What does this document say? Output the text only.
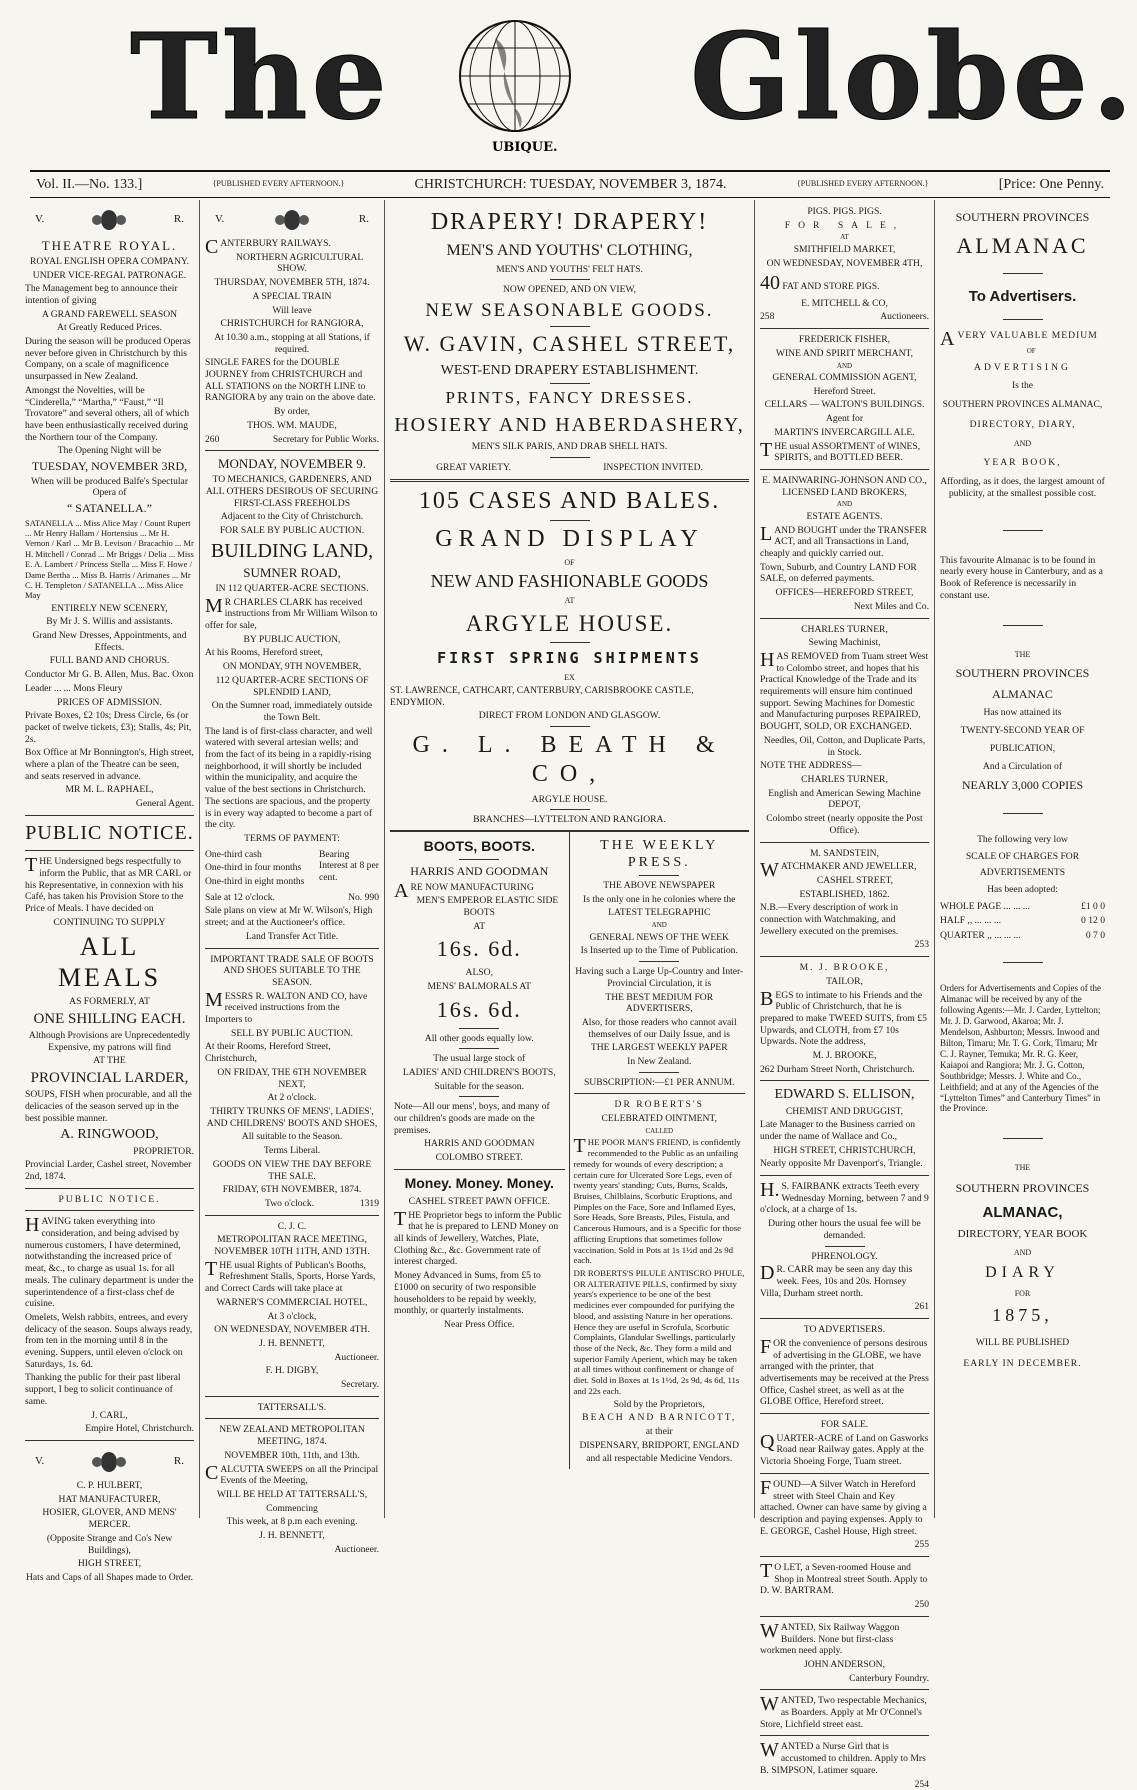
The
UBIQUE.
Globe.
Vol. II.—No. 133.]	{PUBLISHED EVERY AFTERNOON.}	CHRISTCHURCH: TUESDAY, NOVEMBER 3, 1874.	{PUBLISHED EVERY AFTERNOON.}	[Price: One Penny.
V.	R.

THEATRE ROYAL.

ROYAL ENGLISH OPERA COMPANY.

UNDER VICE-REGAL PATRONAGE.

The Management beg to announce their intention of giving

A GRAND FAREWELL SEASON

At Greatly Reduced Prices.

During the season will be produced Operas never before given in Christchurch by this Company, on a scale of magnificence unsurpassed in New Zealand.

Amongst the Novelties, will be “Cinderella,” “Martha,” “Faust,” “Il Trovatore” and several others, all of which have been enthusiastically received during the Northern tour of the Company.

The Opening Night will be

TUESDAY, NOVEMBER 3RD,

When will be produced Balfe's Spectular Opera of

“ SATANELLA.”

SATANELLA ... Miss Alice May / Count Rupert ... Mr Henry Hallam / Hortensius ... Mr H. Vernon / Karl ... Mr B. Levison / Bracachio ... Mr H. Mitchell / Conrad ... Mr Briggs / Delia ... Miss E. A. Lambert / Princess Stella ... Miss F. Howe / Dame Bertha ... Miss B. Harris / Arimanes ... Mr C. H. Templeton / SATANELLA ... Miss Alice May

ENTIRELY NEW SCENERY,

By Mr J. S. Willis and assistants.

Grand New Dresses, Appointments, and Effects.

FULL BAND AND CHORUS.

Conductor Mr G. B. Allen, Mus. Bac. Oxon

Leader ... ... Mons Fleury

PRICES OF ADMISSION.

Private Boxes, £2 10s; Dress Circle, 6s (or packet of twelve tickets, £3); Stalls, 4s; Pit, 2s.

Box Office at Mr Bonnington's, High street, where a plan of the Theatre can be seen, and seats reserved in advance.

MR M. L. RAPHAEL,

General Agent.

PUBLIC NOTICE.

THE Undersigned begs respectfully to inform the Public, that as MR CARL or his Representative, in connexion with his Café, has taken his Provision Store to the Price of Meals. I have decided on

CONTINUING TO SUPPLY

ALL MEALS

AS FORMERLY, AT

ONE SHILLING EACH.

Although Provisions are Unprecedentedly Expensive, my patrons will find

AT THE

PROVINCIAL LARDER,

SOUPS, FISH when procurable, and all the delicacies of the season served up in the best possible manner.

A. RINGWOOD,

PROPRIETOR.

Provincial Larder, Cashel street, November 2nd, 1874.

PUBLIC NOTICE.

HAVING taken everything into consideration, and being advised by numerous customers, I have determined, notwithstanding the increased price of meat, &c., to charge as usual 1s. for all meals. The culinary department is under the superintendence of a first-class chef de cuisine.

Omelets, Welsh rabbits, entrees, and every delicacy of the season. Soups always ready, from ten in the morning until 8 in the evening. Suppers, until eleven o'clock on Saturdays, 1s. 6d.

Thanking the public for their past liberal support, I beg to solicit continuance of same.

J. CARL,

Empire Hotel, Christchurch.

V.	R.

C. P. HULBERT,

HAT MANUFACTURER,

HOSIER, GLOVER, AND MENS' MERCER.

(Opposite Strange and Co's New Buildings),

HIGH STREET,

Hats and Caps of all Shapes made to Order.

V.	R.

CANTERBURY RAILWAYS.

NORTHERN AGRICULTURAL SHOW.

THURSDAY, NOVEMBER 5TH, 1874.

A SPECIAL TRAIN

Will leave

CHRISTCHURCH for RANGIORA,

At 10.30 a.m., stopping at all Stations, if required.

SINGLE FARES for the DOUBLE JOURNEY from CHRISTCHURCH and ALL STATIONS on the NORTH LINE to RANGIORA by any train on the above date.

By order,

THOS. WM. MAUDE,

260	Secretary for Public Works.

MONDAY, NOVEMBER 9.

TO MECHANICS, GARDENERS, AND ALL OTHERS DESIROUS OF SECURING FIRST-CLASS FREEHOLDS

Adjacent to the City of Christchurch.

FOR SALE BY PUBLIC AUCTION.

BUILDING LAND,

SUMNER ROAD,

IN 112 QUARTER-ACRE SECTIONS.

MR CHARLES CLARK has received instructions from Mr William Wilson to offer for sale,

BY PUBLIC AUCTION,

At his Rooms, Hereford street,

ON MONDAY, 9TH NOVEMBER,

112 QUARTER-ACRE SECTIONS OF SPLENDID LAND,

On the Sumner road, immediately outside the Town Belt.

The land is of first-class character, and well watered with several artesian wells; and from the fact of its being in a rapidly-rising neighborhood, it will shortly be included within the municipality, and acquire the value of the best sections in Christchurch. The sections are spacious, and the property is in every way adapted to become a part of the city.

TERMS OF PAYMENT:

One-third cash

One-third in four months

One-third in eight months

Bearing Interest at 8 per cent.

Sale at 12 o'clock.	No. 990

Sale plans on view at Mr W. Wilson's, High street; and at the Auctioneer's office.

Land Transfer Act Title.

IMPORTANT TRADE SALE OF BOOTS AND SHOES SUITABLE TO THE SEASON.

MESSRS R. WALTON AND CO, have received instructions from the Importers to

SELL BY PUBLIC AUCTION.

At their Rooms, Hereford Street, Christchurch,

ON FRIDAY, THE 6TH NOVEMBER NEXT,

At 2 o'clock.

THIRTY TRUNKS OF MENS', LADIES', AND CHILDRENS' BOOTS AND SHOES,

All suitable to the Season.

Terms Liberal.

GOODS ON VIEW THE DAY BEFORE THE SALE.

FRIDAY, 6TH NOVEMBER, 1874.

Two o'clock.	1319

C. J. C.

METROPOLITAN RACE MEETING, NOVEMBER 10TH 11TH, AND 13TH.

THE usual Rights of Publican's Booths, Refreshment Stalls, Sports, Horse Yards, and Correct Cards will take place at

WARNER'S COMMERCIAL HOTEL,

At 3 o'clock,

ON WEDNESDAY, NOVEMBER 4TH.

J. H. BENNETT,

Auctioneer.

F. H. DIGBY,

Secretary.

TATTERSALL'S.

NEW ZEALAND METROPOLITAN MEETING, 1874.

NOVEMBER 10th, 11th, and 13th.

CALCUTTA SWEEPS on all the Principal Events of the Meeting,

WILL BE HELD AT TATTERSALL'S,

Commencing

This week, at 8 p.m each evening.

J. H. BENNETT,

Auctioneer.

DRAPERY! DRAPERY!

MEN'S AND YOUTHS' CLOTHING,

MEN'S AND YOUTHS' FELT HATS.

NOW OPENED, AND ON VIEW,

NEW SEASONABLE GOODS.

W. GAVIN, CASHEL STREET,

WEST-END DRAPERY ESTABLISHMENT.

PRINTS, FANCY DRESSES.

HOSIERY AND HABERDASHERY,

MEN'S SILK PARIS, AND DRAB SHELL HATS.

GREAT VARIETY.	INSPECTION INVITED.

105 CASES AND BALES.

GRAND DISPLAY

OF

NEW AND FASHIONABLE GOODS

AT

ARGYLE HOUSE.

FIRST SPRING SHIPMENTS

EX

ST. LAWRENCE, CATHCART, CANTERBURY, CARISBROOKE CASTLE, ENDYMION.

DIRECT FROM LONDON AND GLASGOW.

G. L. BEATH & CO,

ARGYLE HOUSE.

BRANCHES—LYTTELTON AND RANGIORA.

BOOTS, BOOTS.

HARRIS AND GOODMAN

ARE NOW MANUFACTURING

MEN'S EMPEROR ELASTIC SIDE BOOTS

AT

16s. 6d.

ALSO,

MENS' BALMORALS AT

16s. 6d.

All other goods equally low.

The usual large stock of

LADIES' AND CHILDREN'S BOOTS,

Suitable for the season.

Note—All our mens', boys, and many of our children's goods are made on the premises.

HARRIS AND GOODMAN

COLOMBO STREET.

Money. Money. Money.

CASHEL STREET PAWN OFFICE.

THE Proprietor begs to inform the Public that he is prepared to LEND Money on all kinds of Jewellery, Watches, Plate, Clothing &c., &c. Government rate of interest charged.

Money Advanced in Sums, from £5 to £1000 on security of two responsible householders to be repaid by weekly, monthly, or quarterly instalments.

Near Press Office.

THE WEEKLY PRESS.

THE ABOVE NEWSPAPER

Is the only one in he colonies where the

LATEST TELEGRAPHIC

AND

GENERAL NEWS OF THE WEEK

Is Inserted up to the Time of Publication.

Having such a Large Up-Country and Inter-Provincial Circulation, it is

THE BEST MEDIUM FOR ADVERTISERS,

Also, for those readers who cannot avail themselves of our Daily Issue, and is

THE LARGEST WEEKLY PAPER

In New Zealand.

SUBSCRIPTION:—£1 PER ANNUM.

DR ROBERTS'S

CELEBRATED OINTMENT,

CALLED

THE POOR MAN'S FRIEND, is confidently recommended to the Public as an unfailing remedy for wounds of every description; a certain cure for Ulcerated Sore Legs, even of twenty years' standing; Cuts, Burns, Scalds, Bruises, Chilblains, Scorbutic Eruptions, and Pimples on the Face, Sore and Inflamed Eyes, Sore Heads, Sore Breasts, Piles, Fistula, and Cancerous Humours, and is a Specific for those afflicting Eruptions that sometimes follow vaccination. Sold in Pots at 1s 1½d and 2s 9d each.

DR ROBERTS'S PILULE ANTISCRO PHULE, OR ALTERATIVE PILLS, confirmed by sixty years's experience to be one of the best medicines ever compounded for purifying the blood, and assisting Nature in her operations. Hence they are useful in Scrofula, Scorbutic Complaints, Glandular Swellings, particularly those of the Neck, &c. They form a mild and superior Family Aperient, which may be taken at all times without confinement or change of diet. Sold in Boxes at 1s 1½d, 2s 9d, 4s 6d, 11s and 22s each.

Sold by the Proprietors,

BEACH AND BARNICOTT,

at their

DISPENSARY, BRIDPORT, ENGLAND

and all respectable Medicine Vendors.

PIGS. PIGS. PIGS.

FOR SALE,

AT

SMITHFIELD MARKET,

ON WEDNESDAY, NOVEMBER 4TH,

40 FAT AND STORE PIGS.

E. MITCHELL & CO,

258	Auctioneers.

FREDERICK FISHER,

WINE AND SPIRIT MERCHANT,

AND

GENERAL COMMISSION AGENT,

Hereford Street.

CELLARS — WALTON'S BUILDINGS.

Agent for

MARTIN'S INVERCARGILL ALE.

THE usual ASSORTMENT of WINES, SPIRITS, and BOTTLED BEER.

E. MAINWARING-JOHNSON AND CO., LICENSED LAND BROKERS,

AND

ESTATE AGENTS.

LAND BOUGHT under the TRANSFER ACT, and all Transactions in Land, cheaply and quickly carried out.

Town, Suburb, and Country LAND FOR SALE, on deferred payments.

OFFICES—HEREFORD STREET,

Next Miles and Co.

CHARLES TURNER,

Sewing Machinist,

HAS REMOVED from Tuam street West to Colombo street, and hopes that his Practical Knowledge of the Trade and its requirements will ensure him continued support. Sewing Machines for Domestic and Manufacturing purposes REPAIRED, BOUGHT, SOLD, OR EXCHANGED.

Needles, Oil, Cotton, and Duplicate Parts, in Stock.

NOTE THE ADDRESS—

CHARLES TURNER,

English and American Sewing Machine DEPOT,

Colombo street (nearly opposite the Post Office).

M. SANDSTEIN,

WATCHMAKER AND JEWELLER,

CASHEL STREET,

ESTABLISHED, 1862.

N.B.—Every description of work in connection with Watchmaking, and Jewellery executed on the premises.

253

M. J. BROOKE,

TAILOR,

BEGS to intimate to his Friends and the Public of Christchurch, that he is prepared to make TWEED SUITS, from £5 Upwards, and CLOTH, from £7 10s Upwards. Note the address,

M. J. BROOKE,

262 Durham Street North, Christchurch.

EDWARD S. ELLISON,

CHEMIST AND DRUGGIST,

Late Manager to the Business carried on under the name of Wallace and Co.,

HIGH STREET, CHRISTCHURCH,

Nearly opposite Mr Davenport's, Triangle.

H.S. FAIRBANK extracts Teeth every Wednesday Morning, between 7 and 9 o'clock, at a charge of 1s.

During other hours the usual fee will be demanded.

PHRENOLOGY.

DR. CARR may be seen any day this week. Fees, 10s and 20s. Hornsey Villa, Durham street north.

261

TO ADVERTISERS.

FOR the convenience of persons desirous of advertising in the GLOBE, we have arranged with the printer, that advertisements may be received at the Press Office, Cashel street, as well as at the GLOBE Office, Hereford street.

FOR SALE.

QUARTER-ACRE of Land on Gasworks Road near Railway gates. Apply at the Victoria Shoeing Forge, Tuam street.

FOUND—A Silver Watch in Hereford street with Steel Chain and Key attached. Owner can have same by giving a description and paying expenses. Apply to E. GEORGE, Cashel House, High street.

255

TO LET, a Seven-roomed House and Shop in Montreal street South. Apply to D. W. BARTRAM.

250

WANTED, Six Railway Waggon Builders. None but first-class workmen need apply.

JOHN ANDERSON,

Canterbury Foundry.

WANTED, Two respectable Mechanics, as Boarders. Apply at Mr O'Connel's Store, Lichfield street east.

WANTED a Nurse Girl that is accustomed to children. Apply to Mrs B. SIMPSON, Latimer square.

254

SOUTHERN PROVINCES

ALMANAC

To Advertisers.

AVERY VALUABLE MEDIUM

OF

ADVERTISING

Is the

SOUTHERN PROVINCES ALMANAC,

DIRECTORY, DIARY,

AND

YEAR BOOK,

Affording, as it does, the largest amount of publicity, at the smallest possible cost.

This favourite Almanac is to be found in nearly every house in Canterbury, and as a Book of Reference is necessarily in constant use.

THE

SOUTHERN PROVINCES

ALMANAC

Has now attained its

TWENTY-SECOND YEAR OF

PUBLICATION,

And a Circulation of

NEARLY 3,000 COPIES

The following very low

SCALE OF CHARGES FOR

ADVERTISEMENTS

Has been adopted:

WHOLE PAGE ... ... ...	£1 0 0
HALF ,, ... ... ...	0 12 0
QUARTER ,, ... ... ...	0 7 0

Orders for Advertisements and Copies of the Almanac will be received by any of the following Agents:—Mr. J. Carder, Lyttelton; Mr. J. D. Garwood, Akaroa; Mr. J. Mendelson, Ashburton; Messrs. Inwood and Bilton, Timaru; Mr. T. G. Cork, Timaru; Mr C. J. Rayner, Temuka; Mr. R. G. Keer, Kaiapoi and Rangiora; Mr. J. G. Cotton, Southbridge; Messrs. J. White and Co., Leithfield; and at any of the Agencies of the “Lyttelton Times” and Canterbury Times” in the Province.

THE

SOUTHERN PROVINCES

ALMANAC,

DIRECTORY, YEAR BOOK

AND

DIARY

FOR

1875,

WILL BE PUBLISHED

EARLY IN DECEMBER.
